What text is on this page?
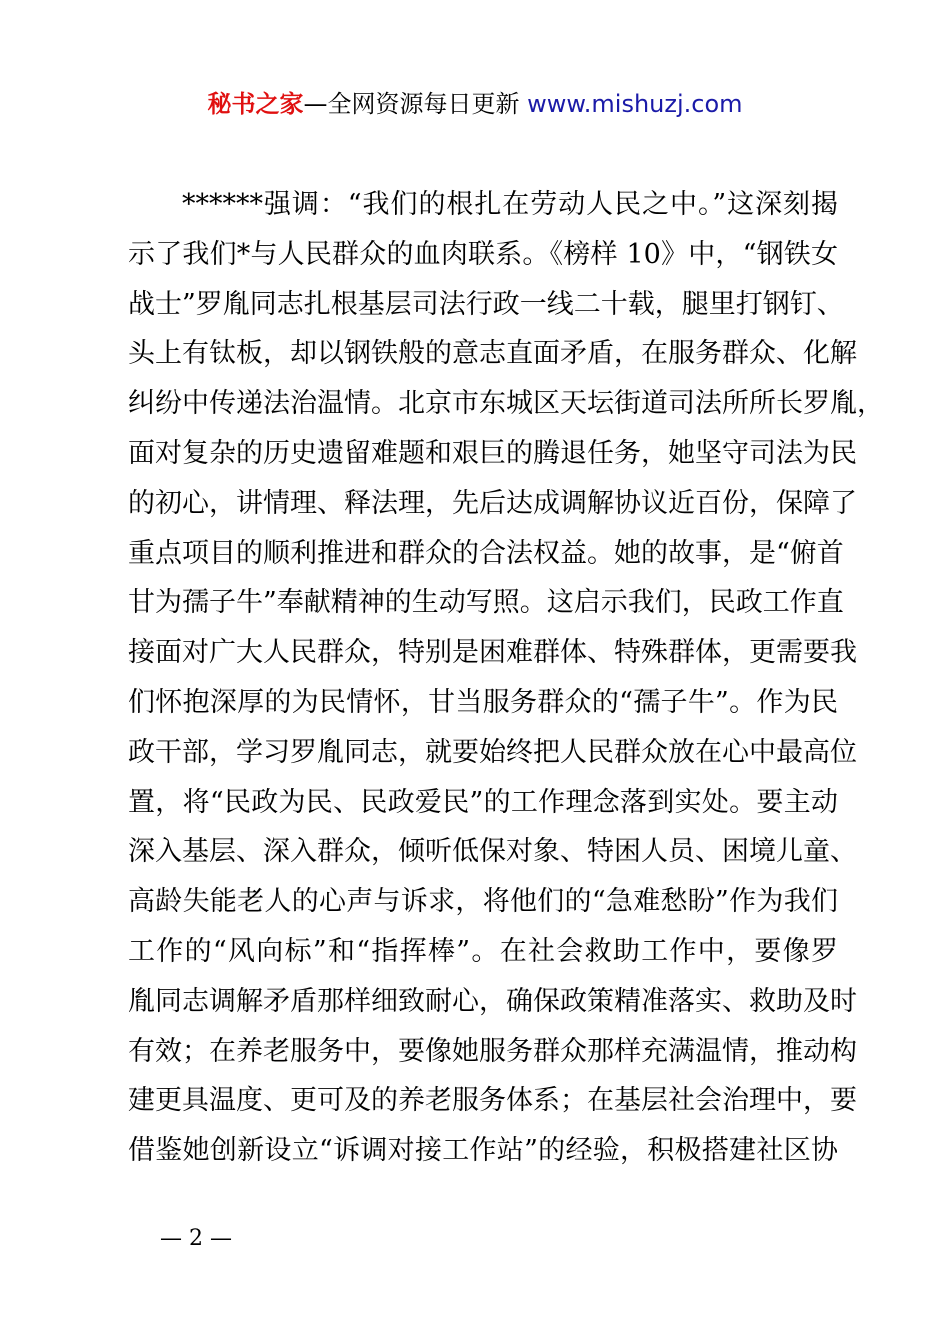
秘书之家—全网资源每日更新 www.mishuzj.com
******强调：“我们的根扎在劳动人民之中。”这深刻揭
示了我们*与人民群众的血肉联系。《榜样 10》中，“钢铁女
战士”罗胤同志扎根基层司法行政一线二十载，腿里打钢钉、
头上有钛板，却以钢铁般的意志直面矛盾，在服务群众、化解
纠纷中传递法治温情。北京市东城区天坛街道司法所所长罗胤，
面对复杂的历史遗留难题和艰巨的腾退任务，她坚守司法为民
的初心，讲情理、释法理，先后达成调解协议近百份，保障了
重点项目的顺利推进和群众的合法权益。她的故事，是“俯首
甘为孺子牛”奉献精神的生动写照。这启示我们，民政工作直
接面对广大人民群众，特别是困难群体、特殊群体，更需要我
们怀抱深厚的为民情怀，甘当服务群众的“孺子牛”。作为民
政干部，学习罗胤同志，就要始终把人民群众放在心中最高位
置，将“民政为民、民政爱民”的工作理念落到实处。要主动
深入基层、深入群众，倾听低保对象、特困人员、困境儿童、
高龄失能老人的心声与诉求，将他们的“急难愁盼”作为我们
工作的“风向标”和“指挥棒”。在社会救助工作中，要像罗
胤同志调解矛盾那样细致耐心，确保政策精准落实、救助及时
有效；在养老服务中，要像她服务群众那样充满温情，推动构
建更具温度、更可及的养老服务体系；在基层社会治理中，要
借鉴她创新设立“诉调对接工作站”的经验，积极搭建社区协
— 2 —
